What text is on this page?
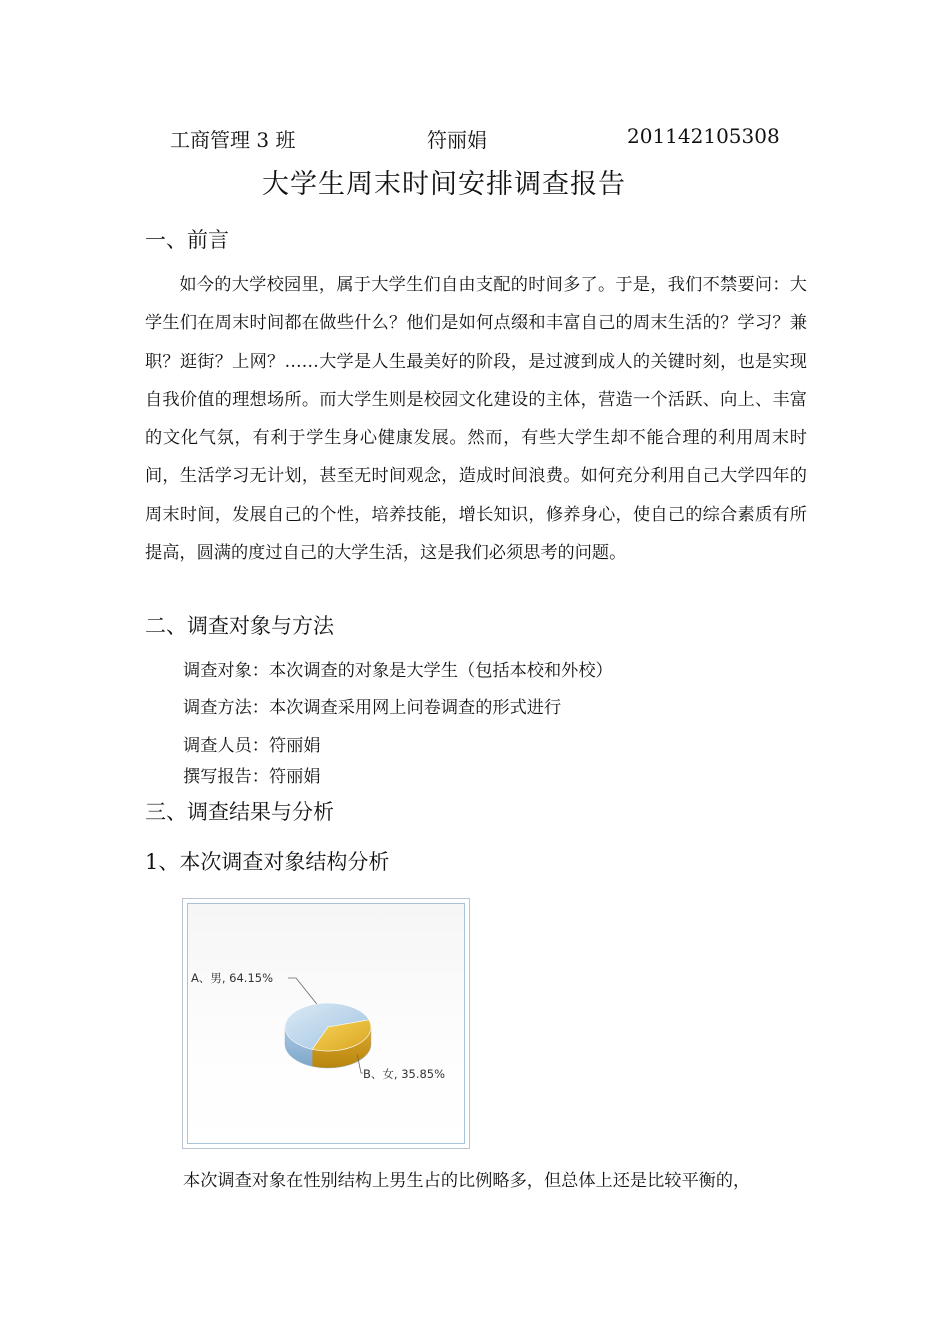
工商管理 3 班	符丽娟	201142105308
大学生周末时间安排调查报告
一、前言

如今的大学校园里，属于大学生们自由支配的时间多了。于是，我们不禁要问：大学生们在周末时间都在做些什么？他们是如何点缀和丰富自己的周末生活的？学习？兼职？逛街？上网？……大学是人生最美好的阶段，是过渡到成人的关键时刻，也是实现自我价值的理想场所。而大学生则是校园文化建设的主体，营造一个活跃、向上、丰富的文化气氛，有利于学生身心健康发展。然而，有些大学生却不能合理的利用周末时间，生活学习无计划，甚至无时间观念，造成时间浪费。如何充分利用自己大学四年的周末时间，发展自己的个性，培养技能，增长知识，修养身心，使自己的综合素质有所提高，圆满的度过自己的大学生活，这是我们必须思考的问题。

二、调查对象与方法
调查对象：本次调查的对象是大学生（包括本校和外校）
调查方法：本次调查采用网上问卷调查的形式进行
调查人员：符丽娟
撰写报告：符丽娟
三、调查结果与分析
1、本次调查对象结构分析
A、男, 64.15%
B、女, 35.85%
本次调查对象在性别结构上男生占的比例略多，但总体上还是比较平衡的，
